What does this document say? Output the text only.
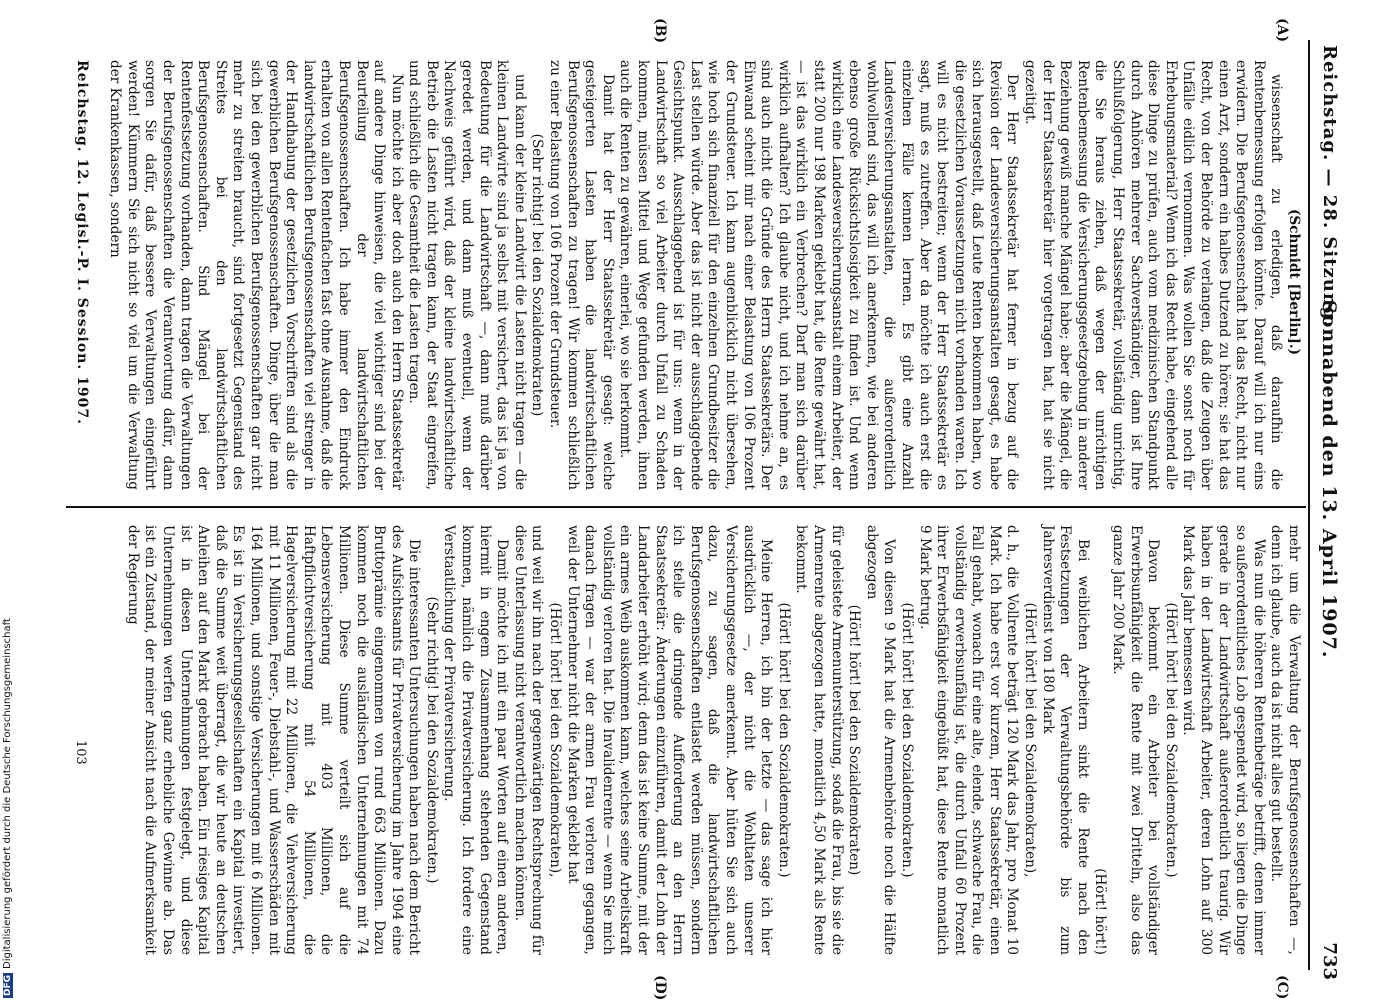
DFGDigitalisierung gefördert durch die Deutsche Forschungsgemeinschaft
Reichstag. — 28. Sitzung.
Sonnabend den 13. April 1907.
733
(A)
(B)
(C)
(D)

(Schmidt [Berlin].)

wissenschaft zu erledigen, daß daraufhin die Rentenbemessung erfolgen könnte. Darauf will ich nur eins erwidern. Die Berufsgenossenschaft hat das Recht, nicht nur einen Arzt, sondern ein halbes Dutzend zu hören; sie hat das Recht, von der Behörde zu verlangen, daß die Zeugen über Unfälle eidlich vernommen. Was wollen Sie sonst noch für Erhebungsmaterial? Wenn ich das Recht habe, eingehend alle diese Dinge zu prüfen, auch vom medizinischen Standpunkt durch Anhören mehrerer Sachverständiger, dann ist Ihre Schlußfolgerung, Herr Staatssekretär, vollständig unrichtig, die Sie heraus ziehen, daß wegen der unrichtigen Rentenbemessung die Versicherungsgesetzgebung in anderer Beziehung gewiß manche Mängel habe; aber die Mängel, die der Herr Staatssekretär hier vorgetragen hat, hat sie nicht gezeitigt.

Der Herr Staatssekretär hat ferner in bezug auf die Revision der Landesversicherungsanstalten gesagt, es habe sich herausgestellt, daß Leute Renten bekommen haben, wo die gesetzlichen Voraussetzungen nicht vorhanden waren. Ich will es nicht bestreiten; wenn der Herr Staatssekretär es sagt, muß es zutreffen. Aber da möchte ich auch erst die einzelnen Fälle kennen lernen. Es gibt eine Anzahl Landesversicherungsanstalten, die außerordentlich wohlwollend sind, das will ich anerkennen, wie bei anderen ebenso große Rücksichtslosigkeit zu finden ist. Und wenn wirklich eine Landesversicherungsanstalt einem Arbeiter, der statt 200 nur 198 Marken geklebt hat, die Rente gewährt hat, — ist das wirklich ein Verbrechen? Darf man sich darüber wirklich aufhalten? Ich glaube nicht, und ich nehme an, es sind auch nicht die Gründe des Herrn Staatssekretärs. Der Einwand scheint mir nach einer Belastung von 106 Prozent der Grundsteuer. Ich kann augenblicklich nicht übersehen, wie hoch sich finanziell für den einzelnen Grundbesitzer die Last stellen würde. Aber das ist nicht der ausschlaggebende Gesichtspunkt. Ausschlaggebend ist für uns: wenn in der Landwirtschaft so viel Arbeiter durch Unfall zu Schaden kommen, müssen Mittel und Wege gefunden werden, ihnen auch die Renten zu gewähren, einerlei, wo sie herkommt.

Damit hat der Herr Staatssekretär gesagt: welche gesteigerten Lasten haben die landwirtschaftlichen Berufsgenossenschaften zu tragen! Wir kommen schließlich zu einer Belastung von 106 Prozent der Grundsteuer.

(Sehr richtig! bei den Sozialdemokraten)

und kann der kleine Landwirt die Lasten nicht tragen — die kleinen Landwirte sind ja selbst mit versichert, das ist ja von Bedeutung für die Landwirtschaft —, dann muß darüber geredet werden, und dann muß eventuell, wenn der Nachweis geführt wird, daß der kleine landwirtschaftliche Betrieb die Lasten nicht tragen kann, der Staat eingreifen, und schließlich die Gesamtheit die Lasten tragen.

Nun möchte ich aber doch auch den Herrn Staatssekretär auf andere Dinge hinweisen, die viel wichtiger sind bei der Beurteilung der landwirtschaftlichen Berufsgenossenschaften. Ich habe immer den Eindruck erhalten von allen Rentenfachen fast ohne Ausnahme, daß die landwirtschaftlichen Berufsgenossenschaften viel strenger in der Handhabung der gesetzlichen Vorschriften sind als die gewerblichen Berufsgenossenschaften. Dinge, über die man sich bei den gewerblichen Berufsgenossenschaften gar nicht mehr zu streiten braucht, sind fortgesetzt Gegenstand des Streites bei den landwirtschaftlichen Berufsgenossenschaften. Sind Mängel bei der Rentenfestsetzung vorhanden, dann tragen die Verwaltungen der Berufsgenossenschaften die Verantwortung dafür, dann sorgen Sie dafür, daß bessere Verwaltungen eingeführt werden! Kümmern Sie sich nicht so viel um die Verwaltung der Krankenkassen, sondern

mehr um die Verwaltung der Berufsgenossenschaften —, denn ich glaube, auch da ist nicht alles gut bestellt.

Was nun die höheren Rentenbeträge betrifft, denen immer so außerordentliches Lob gespendet wird, so liegen die Dinge gerade in der Landwirtschaft außerordentlich traurig. Wir haben in der Landwirtschaft Arbeiter, deren Lohn auf 300 Mark das Jahr bemessen wird.

(Hört! hört! bei den Sozialdemokraten.)

Davon bekommt ein Arbeiter bei vollständiger Erwerbsunfähigkeit die Rente mit zwei Dritteln, also das ganze Jahr 200 Mark.

(Hört! hört!)

Bei weiblichen Arbeitern sinkt die Rente nach den Festsetzungen der Verwaltungsbehörde bis zum Jahresverdienst von 180 Mark

(Hört! hört! bei den Sozialdemokraten),

d. h., die Vollrente beträgt 120 Mark das Jahr, pro Monat 10 Mark. Ich habe erst vor kurzem, Herr Staatssekretär, einen Fall gehabt, wonach für eine alte, elende, schwache Frau, die vollständig erwerbsunfähig ist, die durch Unfall 60 Prozent ihrer Erwerbsfähigkeit eingebüßt hat, diese Rente monatlich 9 Mark betrug.

(Hört! hört! bei den Sozialdemokraten.)

Von diesen 9 Mark hat die Armenbehörde noch die Hälfte abgezogen

(Hört! hört! bei den Sozialdemokraten)

für geleistete Armenunterstützung, sodaß die Frau, bis sie die Armenrente abgezogen hatte, monatlich 4,50 Mark als Rente bekommt.

(Hört! hört! bei den Sozialdemokraten.)

Meine Herren, ich bin der letzte — das sage ich hier ausdrücklich —, der nicht die Wohltaten unserer Versicherungsgesetze anerkennt. Aber hüten Sie sich auch dazu, zu sagen, daß die landwirtschaftlichen Berufsgenossenschaften entlastet werden müssen, sondern ich stelle die dringende Aufforderung an den Herrn Staatssekretär: Änderungen einzuführen, damit der Lohn der Landarbeiter erhöht wird; denn das ist keine Summe, mit der ein armes Weib auskommen kann, welches seine Arbeitskraft vollständig verloren hat. Die Invalidenrente — wenn Sie mich danach fragen — war der armen Frau verloren gegangen, weil der Unternehmer nicht die Marken geklebt hat

(Hört! hört! bei den Sozialdemokraten),

und weil wir ihn nach der gegenwärtigen Rechtsprechung für diese Unterlassung nicht verantwortlich machen können.

Damit möchte ich mit ein paar Worten auf einen anderen, hiermit in engem Zusammenhang stehenden Gegenstand kommen, nämlich die Privatversicherung. Ich fordere eine Verstaatlichung der Privatversicherung.

(Sehr richtig! bei den Sozialdemokraten.)

Die interessanten Untersuchungen haben nach dem Bericht des Aufsichtsamts für Privatversicherung im Jahre 1904 eine Bruttoprämie eingenommen von rund 663 Millionen. Dazu kommen noch die ausländischen Unternehmungen mit 74 Millionen. Diese Summe verteilt sich auf die Lebensversicherung mit 403 Millionen, die Haftpflichtversicherung mit 54 Millionen, die Hagelversicherung mit 22 Millionen, die Viehversicherung mit 11 Millionen, Feuer-, Diebstahl-, und Wasserschäden mit 164 Millionen, und sonstige Versicherungen mit 6 Millionen. Es ist in Versicherungsgesellschaften ein Kapital investiert, daß die Summe weit überragt, die wir heute an deutschen Anleihen auf den Markt gebracht haben. Ein riesiges Kapital ist in diesen Unternehmungen festgelegt, und diese Unternehmungen werfen ganz erhebliche Gewinne ab. Das ist ein Zustand, der meiner Ansicht nach die Aufmerksamkeit der Regierung

Reichstag. 12. Legisl.-P. I. Session. 1907.
103
